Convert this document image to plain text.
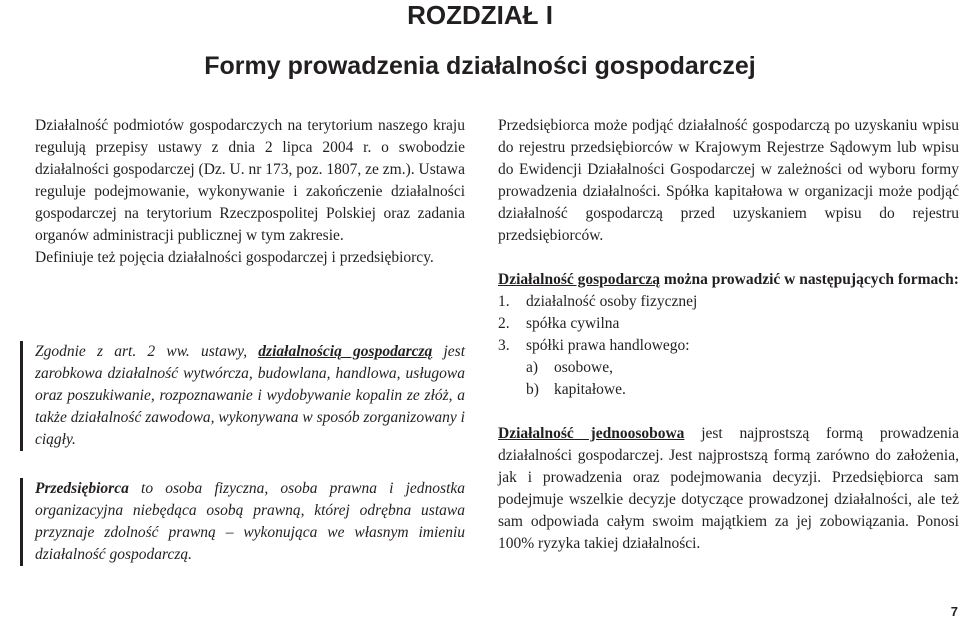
ROZDZIAŁ I
Formy prowadzenia działalności gospodarczej

Działalność podmiotów gospodarczych na terytorium naszego kraju regulują przepisy ustawy z dnia 2 lipca 2004 r. o swobodzie działalności gospodarczej (Dz. U. nr 173, poz. 1807, ze zm.). Ustawa reguluje podejmowanie, wykonywanie i zakończenie działalności gospodarczej na terytorium Rzeczpospolitej Polskiej oraz zadania organów administracji publicznej w tym zakresie.

Definiuje też pojęcia działalności gospodarczej i przedsiębiorcy.

Zgodnie z art. 2 ww. ustawy, działalnością gospodarczą jest zarobkowa działalność wytwórcza, budowlana, handlowa, usługowa oraz poszukiwanie, rozpoznawanie i wydobywanie kopalin ze złóż, a także działalność zawodowa, wykonywana w sposób zorganizowany i ciągły.

Przedsiębiorca to osoba fizyczna, osoba prawna i jednostka organizacyjna niebędąca osobą prawną, której odrębna ustawa przyznaje zdolność prawną – wykonująca we własnym imieniu działalność gospodarczą.

Przedsiębiorca może podjąć działalność gospodarczą po uzyskaniu wpisu do rejestru przedsiębiorców w Krajowym Rejestrze Sądowym lub wpisu do Ewidencji Działalności Gospodarczej w zależności od wyboru formy prowadzenia działalności. Spółka kapitałowa w organizacji może podjąć działalność gospodarczą przed uzyskaniem wpisu do rejestru przedsiębiorców.

Działalność gospodarczą można prowadzić w następujących formach:

1. działalność osoby fizycznej
2. spółka cywilna
3. spółki prawa handlowego:
a) osobowe,
b) kapitałowe.

Działalność jednoosobowa jest najprostszą formą prowadzenia działalności gospodarczej. Jest najprostszą formą zarówno do założenia, jak i prowadzenia oraz podejmowania decyzji. Przedsiębiorca sam podejmuje wszelkie decyzje dotyczące prowadzonej działalności, ale też sam odpowiada całym swoim majątkiem za jej zobowiązania. Ponosi 100% ryzyka takiej działalności.

7
